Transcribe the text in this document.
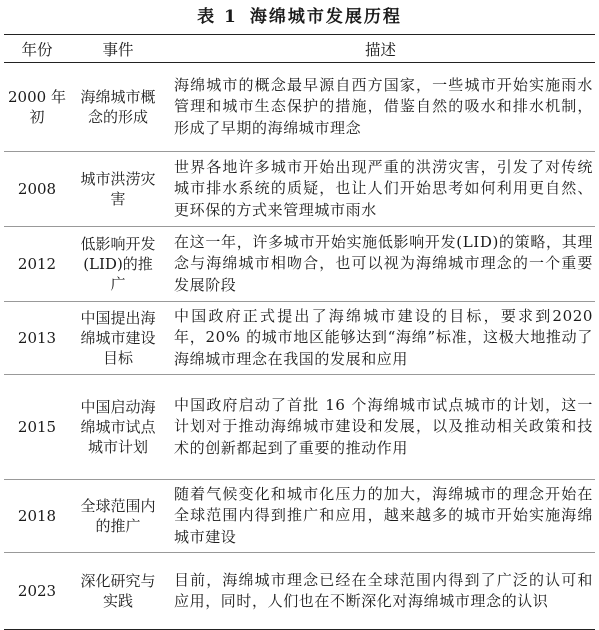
表 1 海绵城市发展历程
年份	事件	描述
2000 年初	海绵城市概念的形成	海绵城市的概念最早源自西方国家，一些城市开始实施雨水管理和城市生态保护的措施，借鉴自然的吸水和排水机制，形成了早期的海绵城市理念
2008	城市洪涝灾害	世界各地许多城市开始出现严重的洪涝灾害，引发了对传统城市排水系统的质疑，也让人们开始思考如何利用更自然、更环保的方式来管理城市雨水
2012	低影响开发(LID)的推广	在这一年，许多城市开始实施低影响开发(LID)的策略，其理念与海绵城市相吻合，也可以视为海绵城市理念的一个重要发展阶段
2013	中国提出海绵城市建设目标	中国政府正式提出了海绵城市建设的目标，要求到2020 年，20% 的城市地区能够达到“海绵”标准，这极大地推动了海绵城市理念在我国的发展和应用
2015	中国启动海绵城市试点城市计划	中国政府启动了首批 16 个海绵城市试点城市的计划，这一计划对于推动海绵城市建设和发展，以及推动相关政策和技术的创新都起到了重要的推动作用
2018	全球范围内的推广	随着气候变化和城市化压力的加大，海绵城市的理念开始在全球范围内得到推广和应用，越来越多的城市开始实施海绵城市建设
2023	深化研究与实践	目前，海绵城市理念已经在全球范围内得到了广泛的认可和应用，同时，人们也在不断深化对海绵城市理念的认识
